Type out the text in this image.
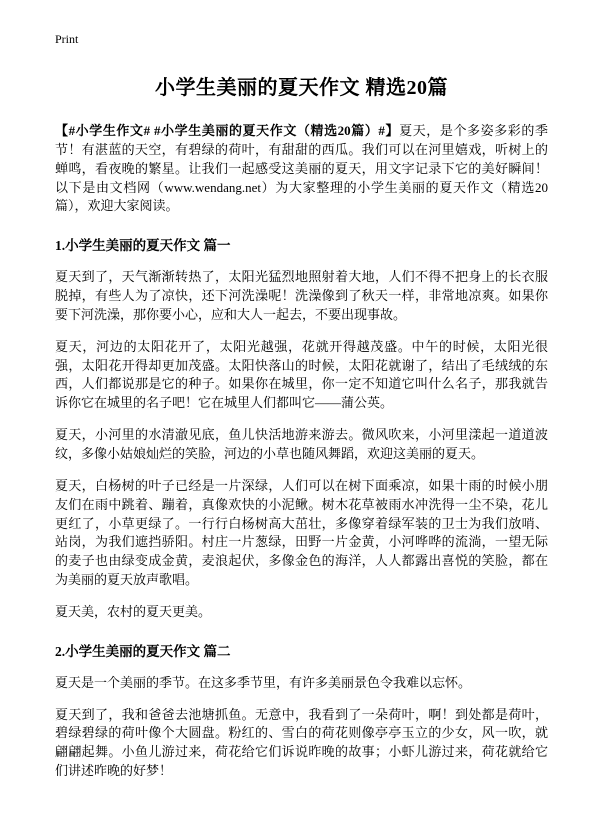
Print
小学生美丽的夏天作文 精选20篇

【#小学生作文# #小学生美丽的夏天作文（精选20篇）#】夏天，是个多姿多彩的季节！有湛蓝的天空，有碧绿的荷叶，有甜甜的西瓜。我们可以在河里嬉戏，听树上的蝉鸣，看夜晚的繁星。让我们一起感受这美丽的夏天，用文字记录下它的美好瞬间！以下是由文档网（www.wendang.net）为大家整理的小学生美丽的夏天作文（精选20篇），欢迎大家阅读。

1.小学生美丽的夏天作文 篇一

夏天到了，天气渐渐转热了，太阳光猛烈地照射着大地，人们不得不把身上的长衣服脱掉，有些人为了凉快，还下河洗澡呢！洗澡像到了秋天一样，非常地凉爽。如果你要下河洗澡，那你要小心，应和大人一起去，不要出现事故。

夏天，河边的太阳花开了，太阳光越强，花就开得越茂盛。中午的时候，太阳光很强，太阳花开得却更加茂盛。太阳快落山的时候，太阳花就谢了，结出了毛绒绒的东西，人们都说那是它的种子。如果你在城里，你一定不知道它叫什么名子，那我就告诉你它在城里的名子吧！它在城里人们都叫它——蒲公英。

夏天，小河里的水清澈见底，鱼儿快活地游来游去。微风吹来，小河里漾起一道道波纹，多像小姑娘灿烂的笑脸，河边的小草也随风舞蹈，欢迎这美丽的夏天。

夏天，白杨树的叶子已经是一片深绿，人们可以在树下面乘凉，如果十雨的时候小朋友们在雨中跳着、蹦着，真像欢快的小泥鳅。树木花草被雨水冲洗得一尘不染，花儿更红了，小草更绿了。一行行白杨树高大茁壮，多像穿着绿军装的卫士为我们放哨、站岗，为我们遮挡骄阳。村庄一片葱绿，田野一片金黄，小河哗哗的流淌，一望无际的麦子也由绿变成金黄，麦浪起伏，多像金色的海洋，人人都露出喜悦的笑脸，都在为美丽的夏天放声歌唱。

夏天美，农村的夏天更美。

2.小学生美丽的夏天作文 篇二

夏天是一个美丽的季节。在这多季节里，有许多美丽景色令我难以忘怀。

夏天到了，我和爸爸去池塘抓鱼。无意中，我看到了一朵荷叶，啊！到处都是荷叶，碧绿碧绿的荷叶像个大圆盘。粉红的、雪白的荷花则像亭亭玉立的少女，风一吹，就翩翩起舞。小鱼儿游过来，荷花给它们诉说昨晚的故事；小虾儿游过来，荷花就给它们讲述昨晚的好梦！
